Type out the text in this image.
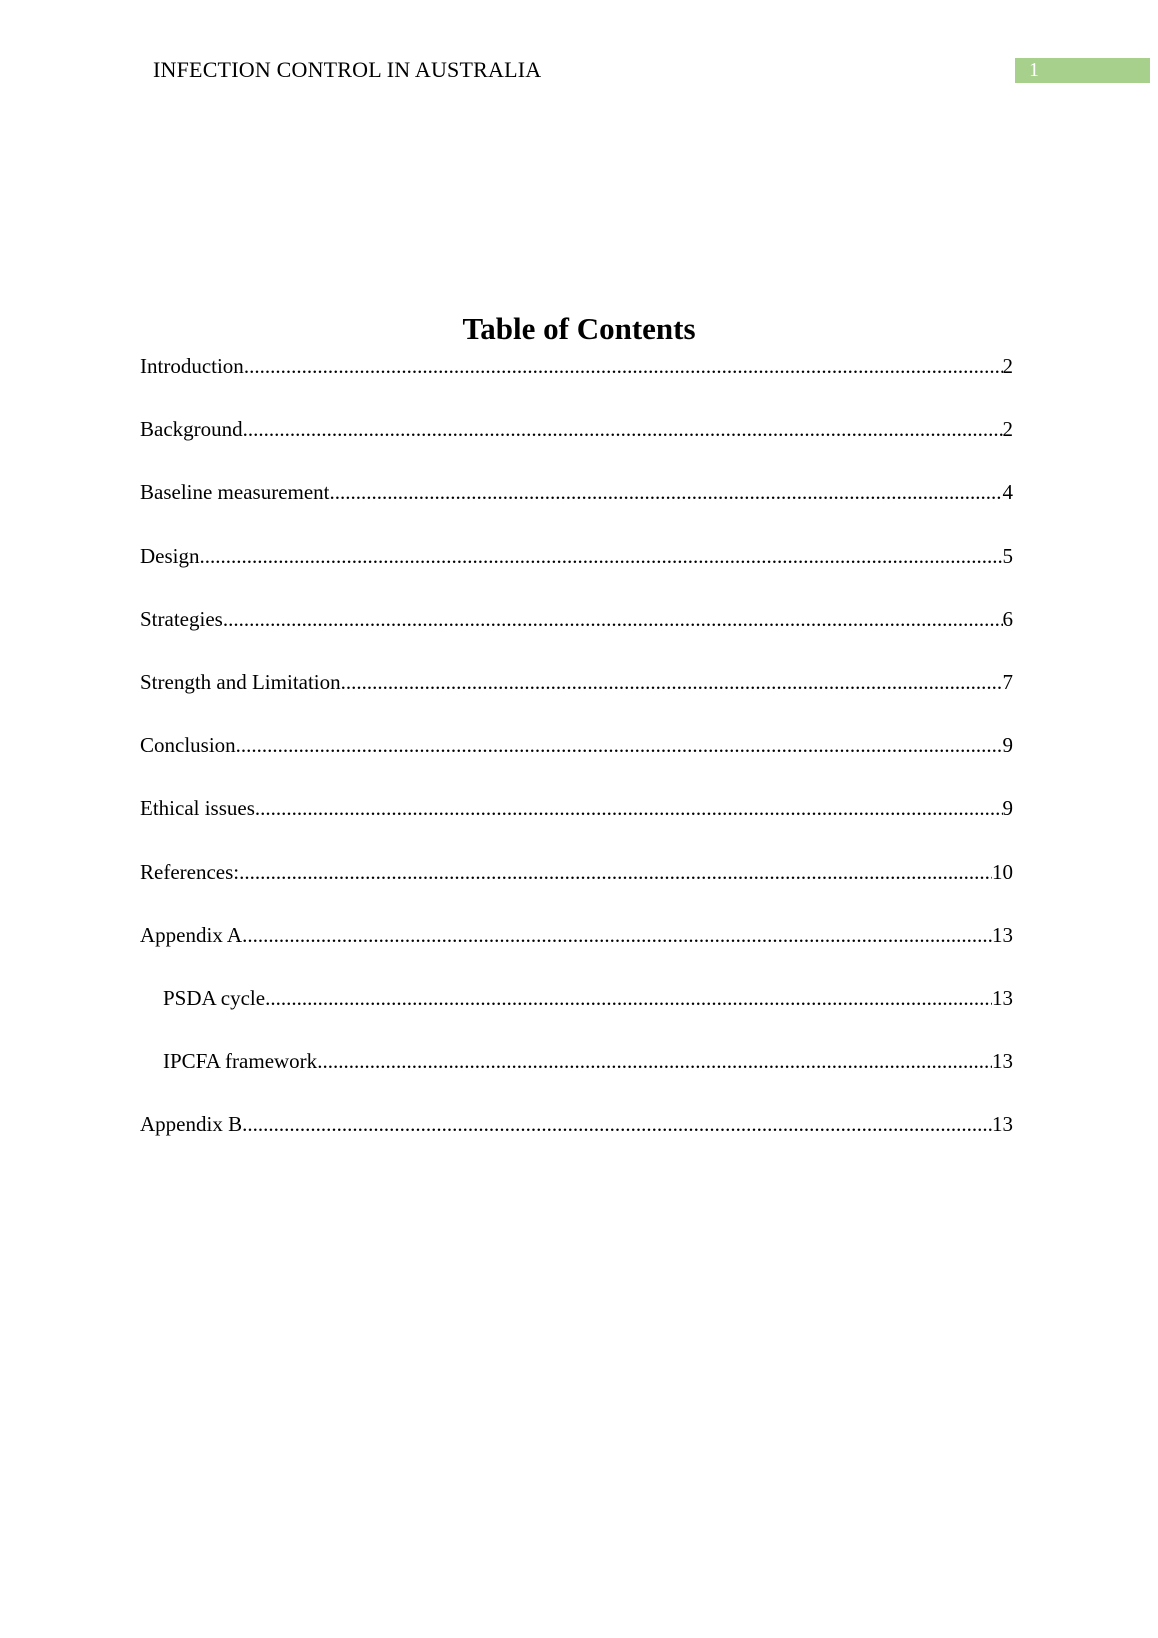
INFECTION CONTROL IN AUSTRALIA	1
Table of Contents
Introduction .....	2
Background .....	2
Baseline measurement .....	4
Design .....	5
Strategies .....	6
Strength and Limitation .....	7
Conclusion .....	9
Ethical issues .....	9
References: .....	10
Appendix A .....	13
PSDA cycle .....	13
IPCFA framework .....	13
Appendix B .....	13
